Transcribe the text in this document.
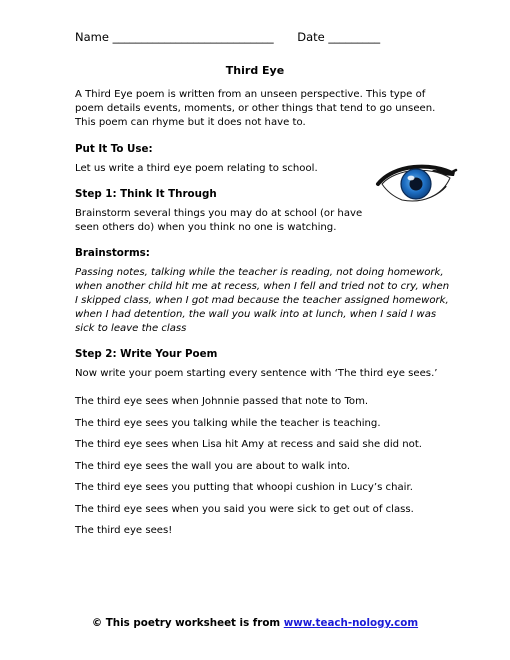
Name ____________________________ Date _________
Third Eye

A Third Eye poem is written from an unseen perspective. This type of poem details events, moments, or other things that tend to go unseen. This poem can rhyme but it does not have to.

Put It To Use:

Let us write a third eye poem relating to school.

Step 1: Think It Through

Brainstorm several things you may do at school (or have seen others do) when you think no one is watching.

Brainstorms:

Passing notes, talking while the teacher is reading, not doing homework, when another child hit me at recess, when I fell and tried not to cry, when I skipped class, when I got mad because the teacher assigned homework, when I had detention, the wall you walk into at lunch, when I said I was sick to leave the class

Step 2: Write Your Poem

Now write your poem starting every sentence with ‘The third eye sees.’

The third eye sees when Johnnie passed that note to Tom.

The third eye sees you talking while the teacher is teaching.

The third eye sees when Lisa hit Amy at recess and said she did not.

The third eye sees the wall you are about to walk into.

The third eye sees you putting that whoopi cushion in Lucy’s chair.

The third eye sees when you said you were sick to get out of class.

The third eye sees!

© This poetry worksheet is from www.teach-nology.com
